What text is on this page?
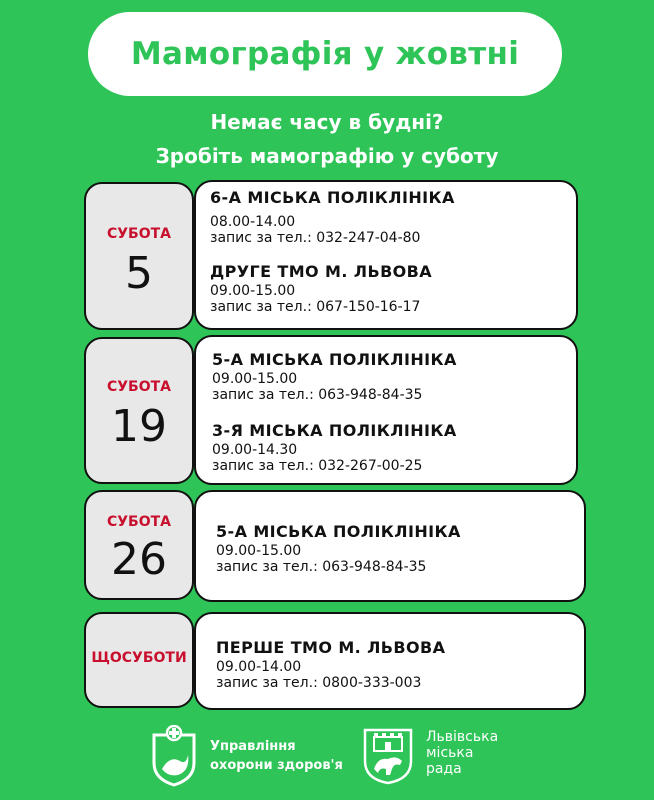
Мамографія у жовтні
Немає часу в будні?
Зробіть мамографію у суботу
СУБОТА
5
6-А МІСЬКА ПОЛІКЛІНІКА
08.00-14.00
запис за тел.: 032-247-04-80
ДРУГЕ ТМО М. ЛЬВОВА
09.00-15.00
запис за тел.: 067-150-16-17
СУБОТА
19
5-А МІСЬКА ПОЛІКЛІНІКА
09.00-15.00
запис за тел.: 063-948-84-35
3-Я МІСЬКА ПОЛІКЛІНІКА
09.00-14.30
запис за тел.: 032-267-00-25
СУБОТА
26
5-А МІСЬКА ПОЛІКЛІНІКА
09.00-15.00
запис за тел.: 063-948-84-35
ЩОСУБОТИ
ПЕРШЕ ТМО М. ЛЬВОВА
09.00-14.00
запис за тел.: 0800-333-003
Управління
охорони здоров'я
Львівська
міська
рада
